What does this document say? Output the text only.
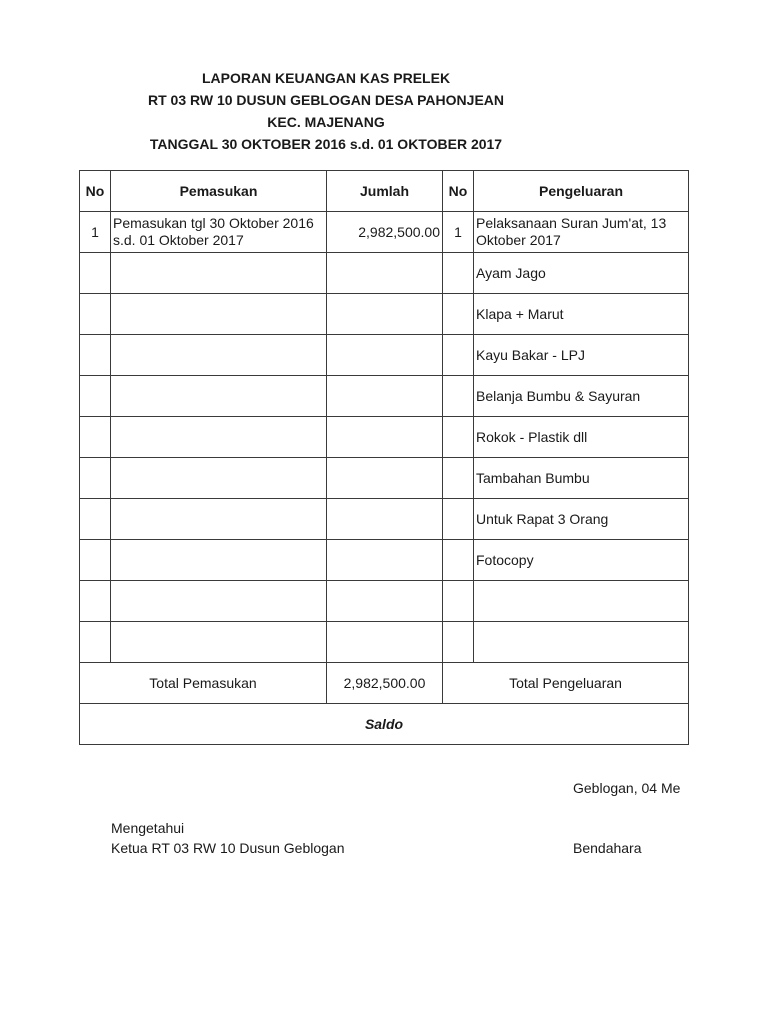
LAPORAN KEUANGAN KAS PRELEK
RT 03 RW 10 DUSUN GEBLOGAN DESA PAHONJEAN
KEC. MAJENANG
TANGGAL 30 OKTOBER 2016 s.d. 01 OKTOBER 2017
No	Pemasukan	Jumlah	No	Pengeluaran
1	Pemasukan tgl 30 Oktober 2016 s.d. 01 Oktober 2017	2,982,500.00	1	Pelaksanaan Suran Jum'at, 13 Oktober 2017
				Ayam Jago
				Klapa + Marut
				Kayu Bakar - LPJ
				Belanja Bumbu & Sayuran
				Rokok - Plastik dll
				Tambahan Bumbu
				Untuk Rapat 3 Orang
				Fotocopy

Total Pemasukan		2,982,500.00	Total Pengeluaran	
Saldo				
Geblogan, 04 Me
Mengetahui
Ketua RT 03 RW 10 Dusun Geblogan	Bendahara
